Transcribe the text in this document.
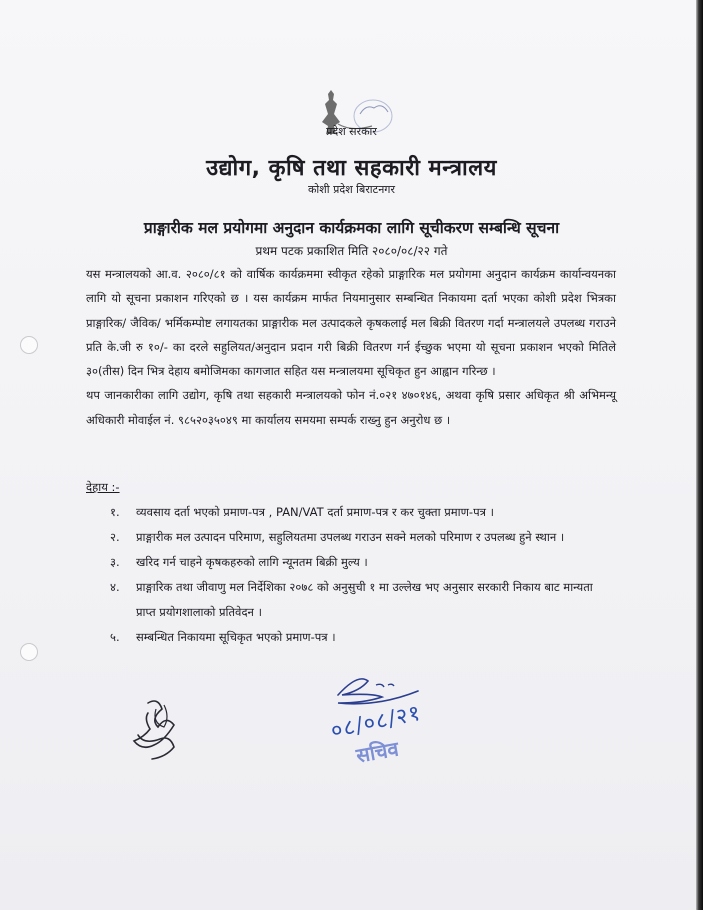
प्रदेश सरकार
उद्योग, कृषि तथा सहकारी मन्त्रालय
कोशी प्रदेश बिराटनगर
प्राङ्गारीक मल प्रयोगमा अनुदान कार्यक्रमका लागि सूचीकरण सम्बन्धि सूचना
प्रथम पटक प्रकाशित मिति २०८०/०८/२२ गते

यस मन्त्रालयको आ.व. २०८०/८१ को वार्षिक कार्यक्रममा स्वीकृत रहेको प्राङ्गारिक मल प्रयोगमा अनुदान कार्यक्रम कार्यान्वयनका लागि यो सूचना प्रकाशन गरिएको छ । यस कार्यक्रम मार्फत नियमानुसार सम्बन्धित निकायमा दर्ता भएका कोशी प्रदेश भित्रका प्राङ्गारिक/ जैविक/ भर्मिकम्पोष्ट लगायतका प्राङ्गारीक मल उत्पादकले कृषकलाई मल बिक्री वितरण गर्दा मन्त्रालयले उपलब्ध गराउने प्रति के.जी रु १०/- का दरले सहुलियत/अनुदान प्रदान गरी बिक्री वितरण गर्न ईच्छुक भएमा यो सूचना प्रकाशन भएको मितिले ३०(तीस) दिन भित्र देहाय बमोजिमका कागजात सहित यस मन्त्रालयमा सूचिकृत हुन आह्वान गरिन्छ ।

थप जानकारीका लागि उद्योग, कृषि तथा सहकारी मन्त्रालयको फोन नं.०२१ ४७०१४६, अथवा कृषि प्रसार अधिकृत श्री अभिमन्यू अधिकारी मोवाईल नं. ९८५२०३५०४९ मा कार्यालय समयमा सम्पर्क राख्नु हुन अनुरोध छ ।

देहाय :-
१. व्यवसाय दर्ता भएको प्रमाण-पत्र , PAN/VAT दर्ता प्रमाण-पत्र र कर चुक्ता प्रमाण-पत्र ।
२. प्राङ्गारीक मल उत्पादन परिमाण, सहुलियतमा उपलब्ध गराउन सक्ने मलको परिमाण र उपलब्ध हुने स्थान ।
३. खरिद गर्न चाहने कृषकहरुको लागि न्यूनतम बिक्री मुल्य ।
४. प्राङ्गारिक तथा जीवाणु मल निर्देशिका २०७८ को अनुसुची १ मा उल्लेख भए अनुसार सरकारी निकाय बाट मान्यता प्राप्त प्रयोगशालाको प्रतिवेदन ।
५. सम्बन्धित निकायमा सूचिकृत भएको प्रमाण-पत्र ।
०८/०८/२१
सचिव
